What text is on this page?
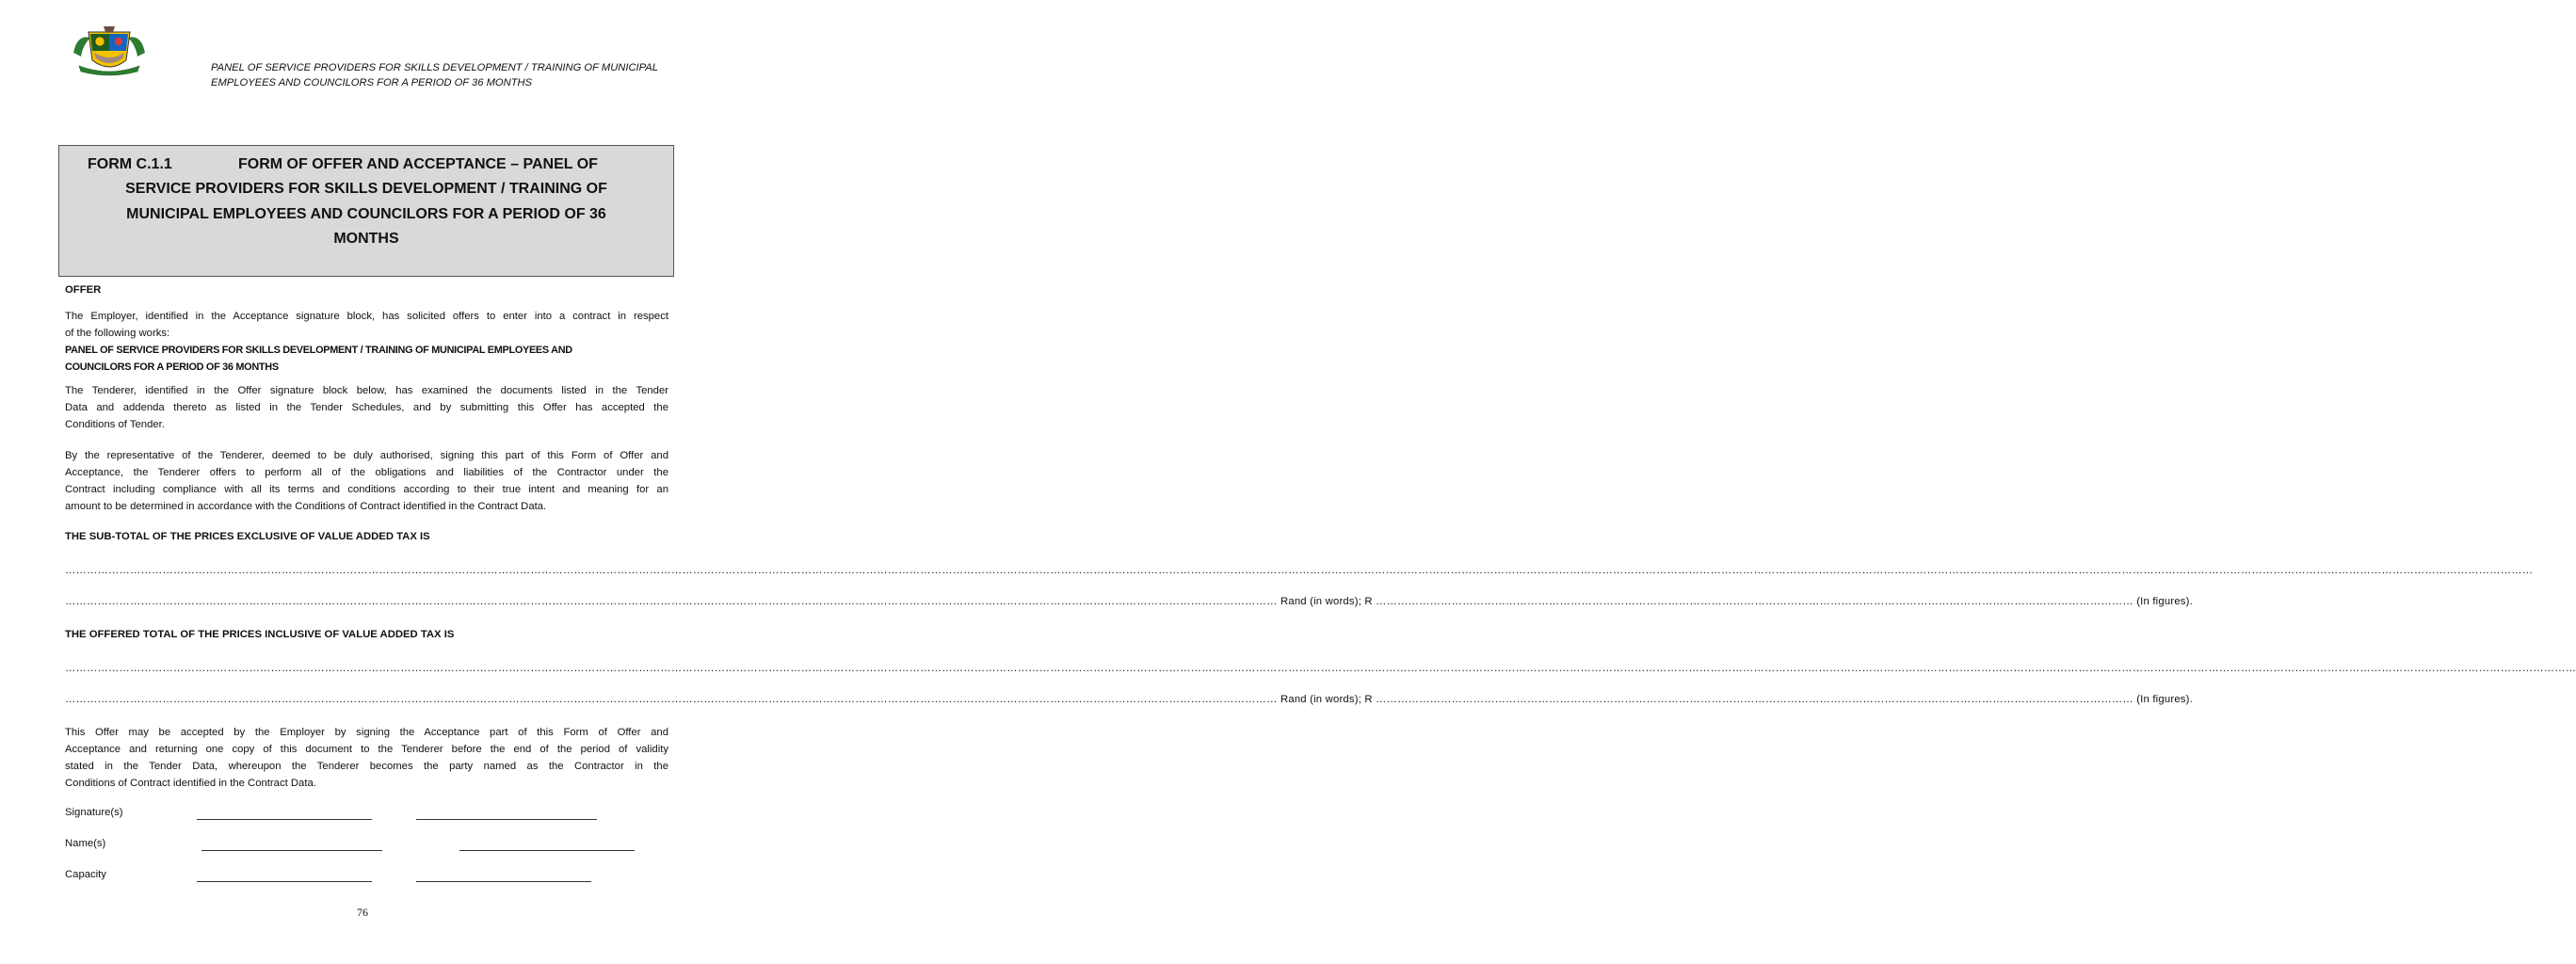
PANEL OF SERVICE PROVIDERS FOR SKILLS DEVELOPMENT / TRAINING OF MUNICIPAL
EMPLOYEES AND COUNCILORS FOR A PERIOD OF 36 MONTHS
FORM C.1.1	FORM OF OFFER AND ACCEPTANCE – PANEL OF
SERVICE PROVIDERS FOR SKILLS DEVELOPMENT / TRAINING OF
MUNICIPAL EMPLOYEES AND COUNCILORS FOR A PERIOD OF 36
MONTHS
OFFER
The Employer, identified in the Acceptance signature block, has solicited offers to enter into a contract in respect
of the following works:
PANEL OF SERVICE PROVIDERS FOR SKILLS DEVELOPMENT / TRAINING OF MUNICIPAL EMPLOYEES AND
COUNCILORS FOR A PERIOD OF 36 MONTHS
The Tenderer, identified in the Offer signature block below, has examined the documents listed in the Tender
Data and addenda thereto as listed in the Tender Schedules, and by submitting this Offer has accepted the
Conditions of Tender.
By the representative of the Tenderer, deemed to be duly authorised, signing this part of this Form of Offer and
Acceptance, the Tenderer offers to perform all of the obligations and liabilities of the Contractor under the
Contract including compliance with all its terms and conditions according to their true intent and meaning for an
amount to be determined in accordance with the Conditions of Contract identified in the Contract Data.
THE SUB-TOTAL OF THE PRICES EXCLUSIVE OF VALUE ADDED TAX IS
………………………………………………………………………………………………………………………………………………………………………………………………………………………………………………………………………………………………………………………………………………………………………………………………………………………………………………………………………………………………………………………………………………………………………………………………………………………………
………………………………………………………………………………………………………………………………………………………………………………………………………………………………………………………………………………………………………… Rand (in words); R ………………………………………………………………………………………………………………………………………………………………………………………… (In figures).
THE OFFERED TOTAL OF THE PRICES INCLUSIVE OF VALUE ADDED TAX IS
…………………………………………………………………………………………………………………………………………………………………………………………………………………………………………………………………………………………………………………………………………………………………………………………………………………………………………………………………………………………………………………………………………………………………………………………………………………………………………
………………………………………………………………………………………………………………………………………………………………………………………………………………………………………………………………………………………………………… Rand (in words); R ………………………………………………………………………………………………………………………………………………………………………………………… (In figures).
This Offer may be accepted by the Employer by signing the Acceptance part of this Form of Offer and
Acceptance and returning one copy of this document to the Tenderer before the end of the period of validity
stated in the Tender Data, whereupon the Tenderer becomes the party named as the Contractor in the
Conditions of Contract identified in the Contract Data.
Signature(s)
Name(s)
Capacity
76
